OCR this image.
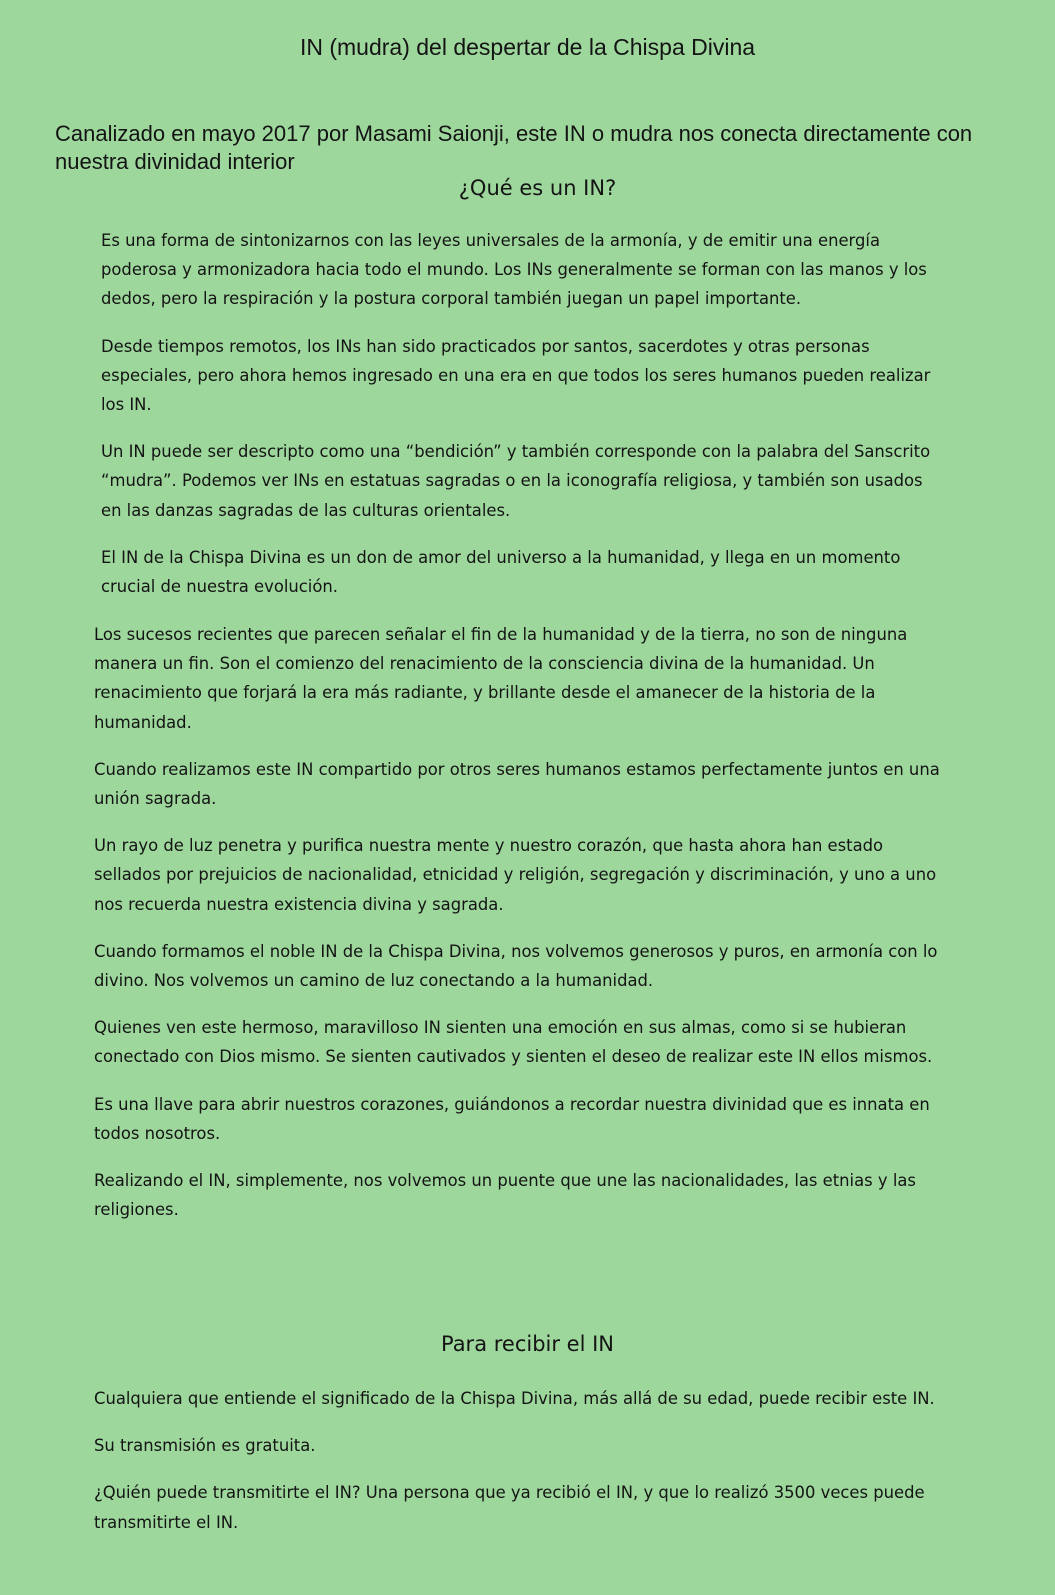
IN (mudra) del despertar de la Chispa Divina

Canalizado en mayo 2017 por Masami Saionji, este IN o mudra nos conecta directamente con nuestra divinidad interior

¿Qué es un IN?

Es una forma de sintonizarnos con las leyes universales de la armonía, y de emitir una energía poderosa y armonizadora hacia todo el mundo. Los INs generalmente se forman con las manos y los dedos, pero la respiración y la postura corporal también juegan un papel importante.

Desde tiempos remotos, los INs han sido practicados por santos, sacerdotes y otras personas especiales, pero ahora hemos ingresado en una era en que todos los seres humanos pueden realizar los IN.

Un IN puede ser descripto como una “bendición” y también corresponde con la palabra del Sanscrito “mudra”. Podemos ver INs en estatuas sagradas o en la iconografía religiosa, y también son usados en las danzas sagradas de las culturas orientales.

El IN de la Chispa Divina es un don de amor del universo a la humanidad, y llega en un momento crucial de nuestra evolución.

Los sucesos recientes que parecen señalar el fin de la humanidad y de la tierra, no son de ninguna manera un fin. Son el comienzo del renacimiento de la consciencia divina de la humanidad. Un renacimiento que forjará la era más radiante, y brillante desde el amanecer de la historia de la humanidad.

Cuando realizamos este IN compartido por otros seres humanos estamos perfectamente juntos en una unión sagrada.

Un rayo de luz penetra y purifica nuestra mente y nuestro corazón, que hasta ahora han estado sellados por prejuicios de nacionalidad, etnicidad y religión, segregación y discriminación, y uno a uno nos recuerda nuestra existencia divina y sagrada.

Cuando formamos el noble IN de la Chispa Divina, nos volvemos generosos y puros, en armonía con lo divino. Nos volvemos un camino de luz conectando a la humanidad.

Quienes ven este hermoso, maravilloso IN sienten una emoción en sus almas, como si se hubieran conectado con Dios mismo. Se sienten cautivados y sienten el deseo de realizar este IN ellos mismos.

Es una llave para abrir nuestros corazones, guiándonos a recordar nuestra divinidad que es innata en todos nosotros.

Realizando el IN, simplemente, nos volvemos un puente que une las nacionalidades, las etnias y las religiones.

Para recibir el IN

Cualquiera que entiende el significado de la Chispa Divina, más allá de su edad, puede recibir este IN.

Su transmisión es gratuita.

¿Quién puede transmitirte el IN? Una persona que ya recibió el IN, y que lo realizó 3500 veces puede transmitirte el IN.
